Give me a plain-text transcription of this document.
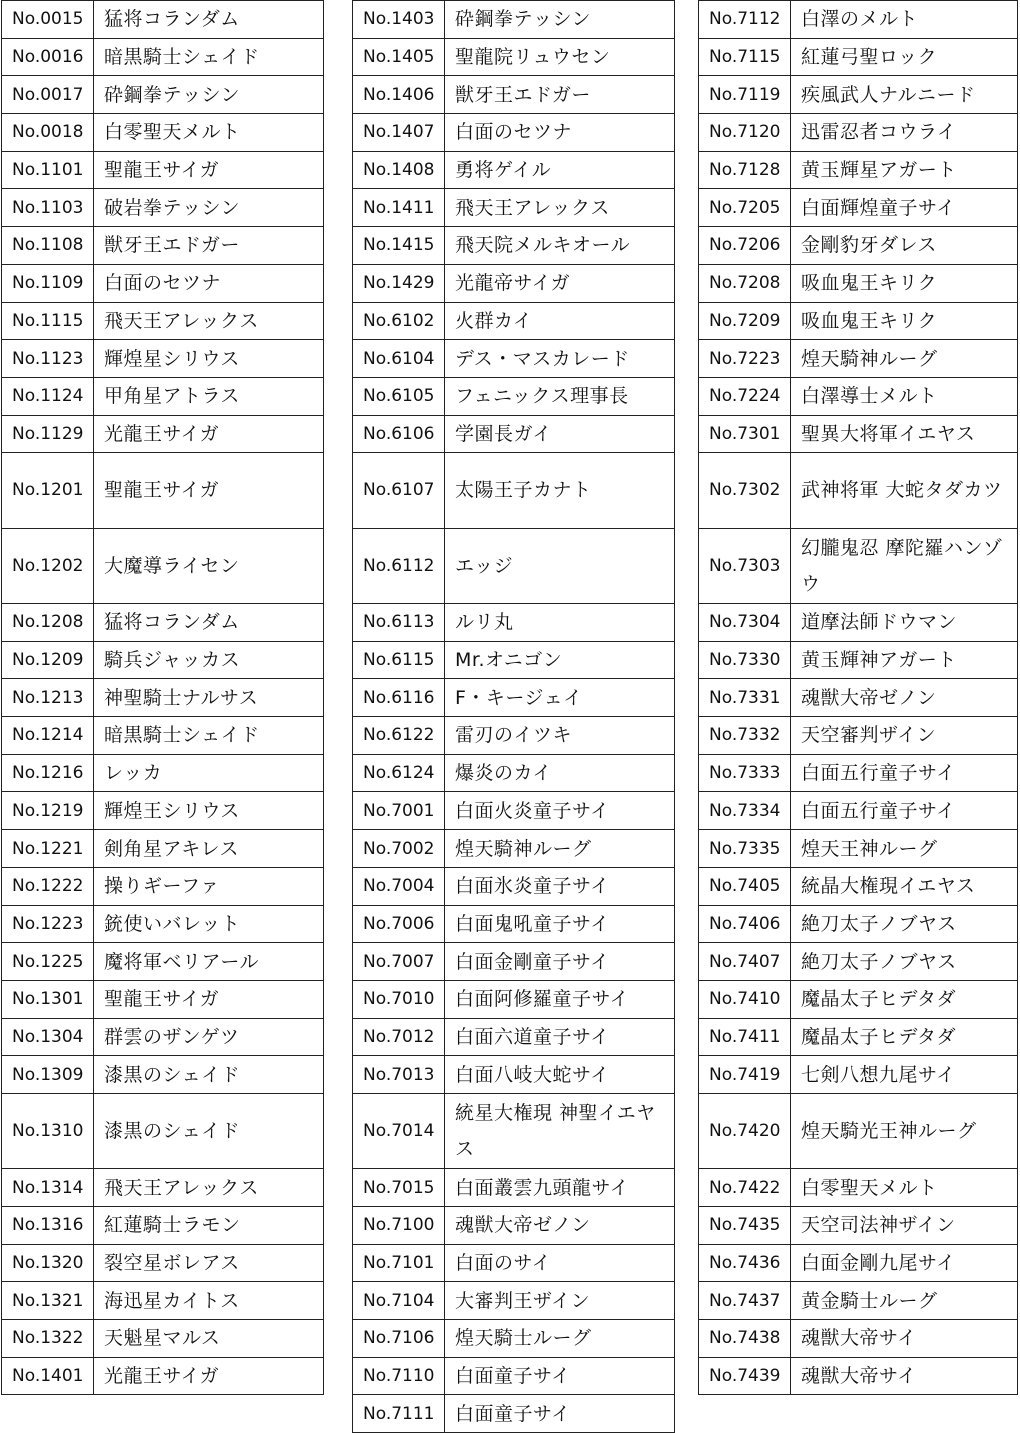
No.0015	猛将コランダム
No.0016	暗黒騎士シェイド
No.0017	砕鋼拳テッシン
No.0018	白零聖天メルト
No.1101	聖龍王サイガ
No.1103	破岩拳テッシン
No.1108	獣牙王エドガー
No.1109	白面のセツナ
No.1115	飛天王アレックス
No.1123	輝煌星シリウス
No.1124	甲角星アトラス
No.1129	光龍王サイガ
No.1201	聖龍王サイガ
No.1202	大魔導ライセン
No.1208	猛将コランダム
No.1209	騎兵ジャッカス
No.1213	神聖騎士ナルサス
No.1214	暗黒騎士シェイド
No.1216	レッカ
No.1219	輝煌王シリウス
No.1221	剣角星アキレス
No.1222	操りギーファ
No.1223	銃使いバレット
No.1225	魔将軍ベリアール
No.1301	聖龍王サイガ
No.1304	群雲のザンゲツ
No.1309	漆黒のシェイド
No.1310	漆黒のシェイド
No.1314	飛天王アレックス
No.1316	紅蓮騎士ラモン
No.1320	裂空星ボレアス
No.1321	海迅星カイトス
No.1322	天魁星マルス
No.1401	光龍王サイガ
No.1403	砕鋼拳テッシン
No.1405	聖龍院リュウセン
No.1406	獣牙王エドガー
No.1407	白面のセツナ
No.1408	勇将ゲイル
No.1411	飛天王アレックス
No.1415	飛天院メルキオール
No.1429	光龍帝サイガ
No.6102	火群カイ
No.6104	デス・マスカレード
No.6105	フェニックス理事長
No.6106	学園長ガイ
No.6107	太陽王子カナト
No.6112	エッジ
No.6113	ルリ丸
No.6115	Mr.オニゴン
No.6116	F・キージェイ
No.6122	雷刃のイツキ
No.6124	爆炎のカイ
No.7001	白面火炎童子サイ
No.7002	煌天騎神ルーグ
No.7004	白面氷炎童子サイ
No.7006	白面鬼吼童子サイ
No.7007	白面金剛童子サイ
No.7010	白面阿修羅童子サイ
No.7012	白面六道童子サイ
No.7013	白面八岐大蛇サイ
No.7014	統星大権現 神聖イエヤス
No.7015	白面叢雲九頭龍サイ
No.7100	魂獣大帝ゼノン
No.7101	白面のサイ
No.7104	大審判王ザイン
No.7106	煌天騎士ルーグ
No.7110	白面童子サイ
No.7111	白面童子サイ
No.7112	白澤のメルト
No.7115	紅蓮弓聖ロック
No.7119	疾風武人ナルニード
No.7120	迅雷忍者コウライ
No.7128	黄玉輝星アガート
No.7205	白面輝煌童子サイ
No.7206	金剛豹牙ダレス
No.7208	吸血鬼王キリク
No.7209	吸血鬼王キリク
No.7223	煌天騎神ルーグ
No.7224	白澤導士メルト
No.7301	聖異大将軍イエヤス
No.7302	武神将軍 大蛇タダカツ
No.7303	幻朧鬼忍 摩陀羅ハンゾウ
No.7304	道摩法師ドウマン
No.7330	黄玉輝神アガート
No.7331	魂獣大帝ゼノン
No.7332	天空審判ザイン
No.7333	白面五行童子サイ
No.7334	白面五行童子サイ
No.7335	煌天王神ルーグ
No.7405	統晶大権現イエヤス
No.7406	絶刀太子ノブヤス
No.7407	絶刀太子ノブヤス
No.7410	魔晶太子ヒデタダ
No.7411	魔晶太子ヒデタダ
No.7419	七剣八想九尾サイ
No.7420	煌天騎光王神ルーグ
No.7422	白零聖天メルト
No.7435	天空司法神ザイン
No.7436	白面金剛九尾サイ
No.7437	黄金騎士ルーグ
No.7438	魂獣大帝サイ
No.7439	魂獣大帝サイ
